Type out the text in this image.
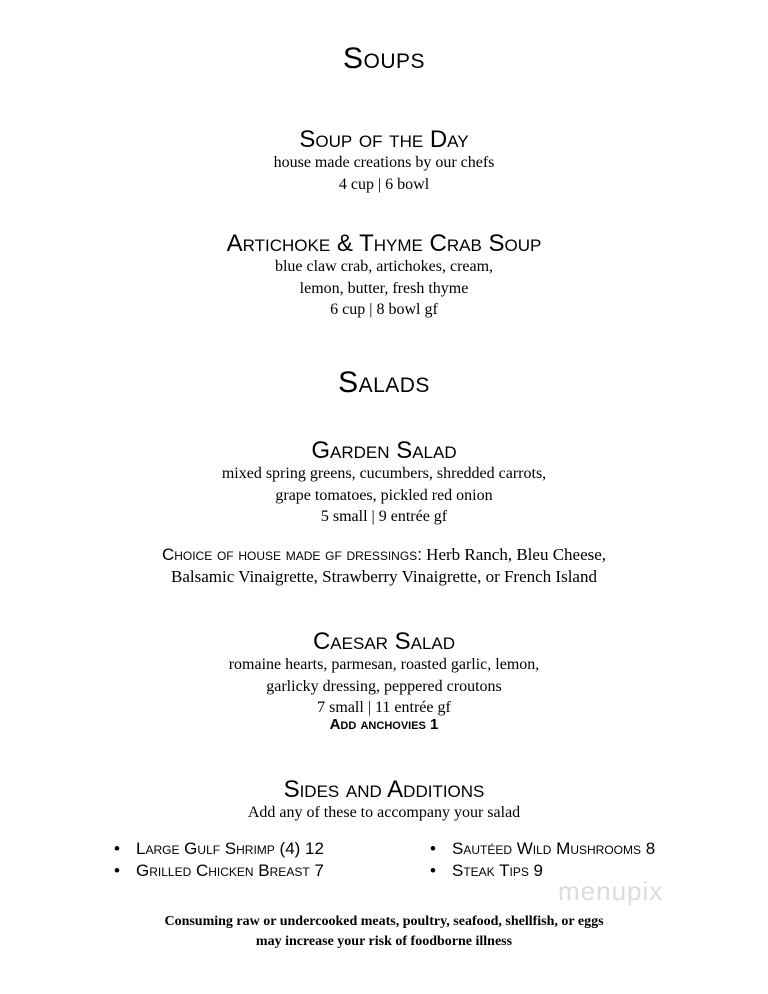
Soups
Soup of the Day
house made creations by our chefs
4 cup | 6 bowl
Artichoke & Thyme Crab Soup
blue claw crab, artichokes, cream,
lemon, butter, fresh thyme
6 cup | 8 bowl gf
Salads
Garden Salad
mixed spring greens, cucumbers, shredded carrots,
grape tomatoes, pickled red onion
5 small | 9 entrée gf
Choice of house made gf dressings: Herb Ranch, Bleu Cheese,
Balsamic Vinaigrette, Strawberry Vinaigrette, or French Island
Caesar Salad
romaine hearts, parmesan, roasted garlic, lemon,
garlicky dressing, peppered croutons
7 small | 11 entrée gf
Add anchovies 1
Sides and Additions
Add any of these to accompany your salad
• Large Gulf Shrimp (4) 12
• Grilled Chicken Breast 7
• Sautéed Wild Mushrooms 8
• Steak Tips 9
menupix
Consuming raw or undercooked meats, poultry, seafood, shellfish, or eggs
may increase your risk of foodborne illness
